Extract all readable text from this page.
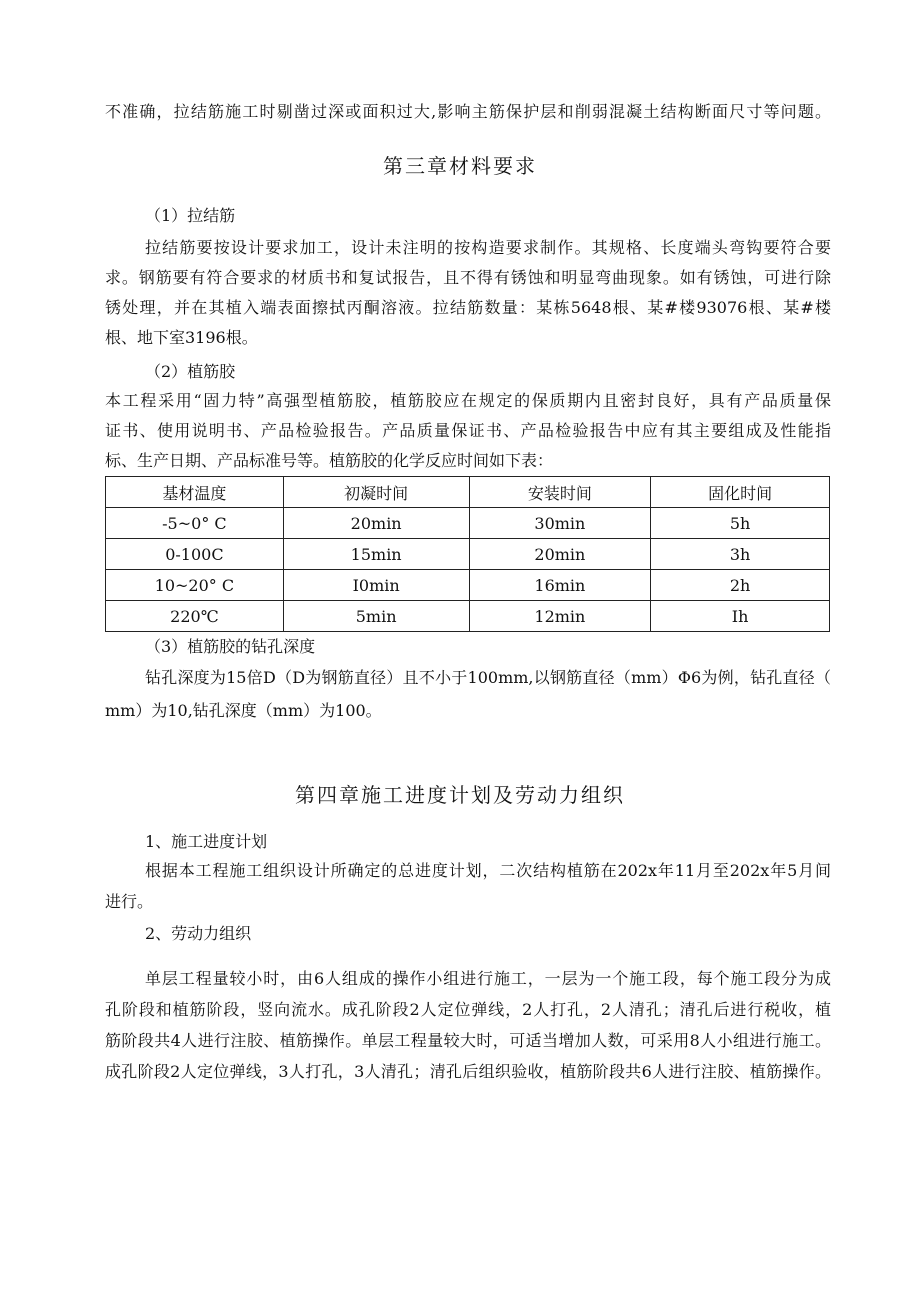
不准确，拉结筋施工时剔凿过深或面积过大,影响主筋保护层和削弱混凝土结构断面尺寸等问题。
第三章材料要求
（1）拉结筋
拉结筋要按设计要求加工，设计未注明的按构造要求制作。其规格、长度端头弯钩要符合要
求。钢筋要有符合要求的材质书和复试报告，且不得有锈蚀和明显弯曲现象。如有锈蚀，可进行除
锈处理，并在其植入端表面擦拭丙酮溶液。拉结筋数量：某栋5648根、某#楼93076根、某#楼
根、地下室3196根。
（2）植筋胶
本工程采用“固力特”高强型植筋胶，植筋胶应在规定的保质期内且密封良好，具有产品质量保
证书、使用说明书、产品检验报告。产品质量保证书、产品检验报告中应有其主要组成及性能指
标、生产日期、产品标准号等。植筋胶的化学反应时间如下表：
基材温度	初凝时间	安装时间	固化时间
-5~0° C	20min	30min	5h
0-100C	15min	20min	3h
10~20° C	I0min	16min	2h
220℃	5min	12min	Ih
（3）植筋胶的钻孔深度
钻孔深度为15倍D（D为钢筋直径）且不小于100mm,以钢筋直径（mm）Φ6为例，钻孔直径（
mm）为10,钻孔深度（mm）为100。
第四章施工进度计划及劳动力组织
1、施工进度计划
根据本工程施工组织设计所确定的总进度计划，二次结构植筋在202x年11月至202x年5月间
进行。
2、劳动力组织
单层工程量较小时，由6人组成的操作小组进行施工，一层为一个施工段，每个施工段分为成
孔阶段和植筋阶段，竖向流水。成孔阶段2人定位弹线，2人打孔，2人清孔；清孔后进行税收，植
筋阶段共4人进行注胶、植筋操作。单层工程量较大时，可适当增加人数，可采用8人小组进行施工。
成孔阶段2人定位弹线，3人打孔，3人清孔；清孔后组织验收，植筋阶段共6人进行注胶、植筋操作。
